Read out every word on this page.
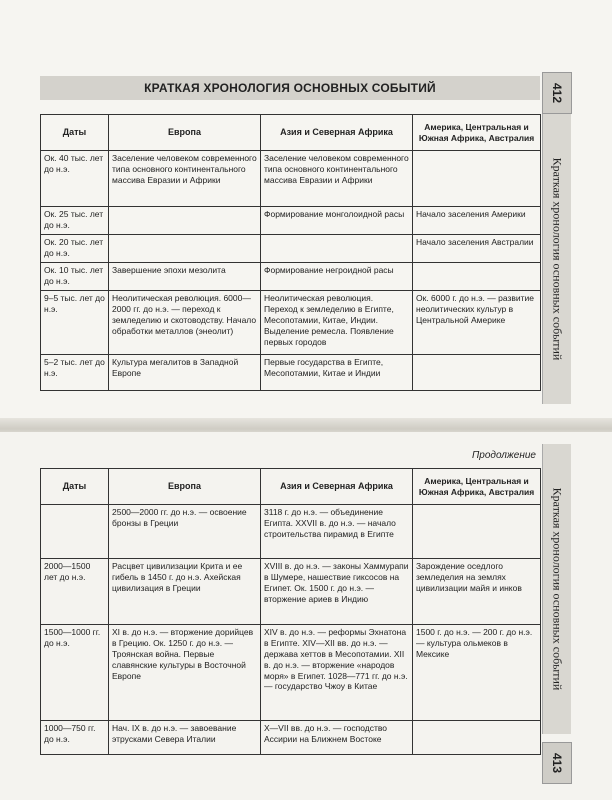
КРАТКАЯ ХРОНОЛОГИЯ ОСНОВНЫХ СОБЫТИЙ	412
Краткая хронология основных событий
Даты	Европа	Азия и Северная Африка	Америка, Центральная и Южная Африка, Австралия
Ок. 40 тыс. лет до н.э.	Заселение человеком современного типа основного континентального массива Евразии и Африки	Заселение человеком современного типа основного континентального массива Евразии и Африки	
Ок. 25 тыс. лет до н.э.		Формирование монголоидной расы	Начало заселения Америки
Ок. 20 тыс. лет до н.э.			Начало заселения Австралии
Ок. 10 тыс. лет до н.э.	Завершение эпохи мезолита	Формирование негроидной расы	
9–5 тыс. лет до н.э.	Неолитическая революция. 6000—2000 гг. до н.э. — переход к земледелию и скотоводству. Начало обработки металлов (энеолит)	Неолитическая революция. Переход к земледелию в Египте, Месопотамии, Китае, Индии. Выделение ремесла. Появление первых городов	Ок. 6000 г. до н.э. — развитие неолитических культур в Центральной Америке
5–2 тыс. лет до н.э.	Культура мегалитов в Западной Европе	Первые государства в Египте, Месопотамии, Китае и Индии	
Продолжение
Краткая хронология основных событий
413
Даты	Европа	Азия и Северная Африка	Америка, Центральная и Южная Африка, Австралия
	2500—2000 гг. до н.э. — освоение бронзы в Греции	3118 г. до н.э. — объединение Египта. XXVII в. до н.э. — начало строительства пирамид в Египте	
2000—1500 лет до н.э.	Расцвет цивилизации Крита и ее гибель в 1450 г. до н.э. Ахейская цивилизация в Греции	XVIII в. до н.э. — законы Хаммурапи в Шумере, нашествие гиксосов на Египет. Ок. 1500 г. до н.э. — вторжение ариев в Индию	Зарождение оседлого земледелия на землях цивилизации майя и инков
1500—1000 гг. до н.э.	XI в. до н.э. — вторжение дорийцев в Грецию. Ок. 1250 г. до н.э. — Троянская война. Первые славянские культуры в Восточной Европе	XIV в. до н.э. — реформы Эхнатона в Египте. XIV—XII вв. до н.э. — держава хеттов в Месопотамии. XII в. до н.э. — вторжение «народов моря» в Египет. 1028—771 гг. до н.э. — государство Чжоу в Китае	1500 г. до н.э. — 200 г. до н.э. — культура ольмеков в Мексике
1000—750 гг. до н.э.	Нач. IX в. до н.э. — завоевание этрусками Севера Италии	X—VII вв. до н.э. — господство Ассирии на Ближнем Востоке	
